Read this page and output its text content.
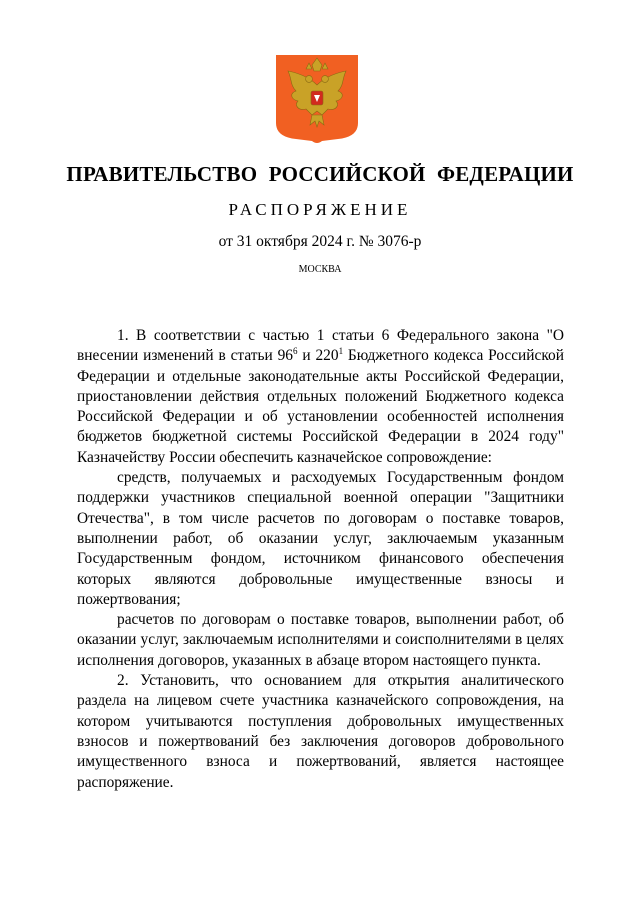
ПРАВИТЕЛЬСТВО РОССИЙСКОЙ ФЕДЕРАЦИИ
РАСПОРЯЖЕНИЕ
от 31 октября 2024 г. № 3076-р
МОСКВА

1. В соответствии с частью 1 статьи 6 Федерального закона "О внесении изменений в статьи $96^6$ и $220^1$ Бюджетного кодекса Российской Федерации и отдельные законодательные акты Российской Федерации, приостановлении действия отдельных положений Бюджетного кодекса Российской Федерации и об установлении особенностей исполнения бюджетов бюджетной системы Российской Федерации в 2024 году" Казначейству России обеспечить казначейское сопровождение:

средств, получаемых и расходуемых Государственным фондом поддержки участников специальной военной операции "Защитники Отечества", в том числе расчетов по договорам о поставке товаров, выполнении работ, об оказании услуг, заключаемым указанным Государственным фондом, источником финансового обеспечения которых являются добровольные имущественные взносы и пожертвования;

расчетов по договорам о поставке товаров, выполнении работ, об оказании услуг, заключаемым исполнителями и соисполнителями в целях исполнения договоров, указанных в абзаце втором настоящего пункта.

2. Установить, что основанием для открытия аналитического раздела на лицевом счете участника казначейского сопровождения, на котором учитываются поступления добровольных имущественных взносов и пожертвований без заключения договоров добровольного имущественного взноса и пожертвований, является настоящее распоряжение.
